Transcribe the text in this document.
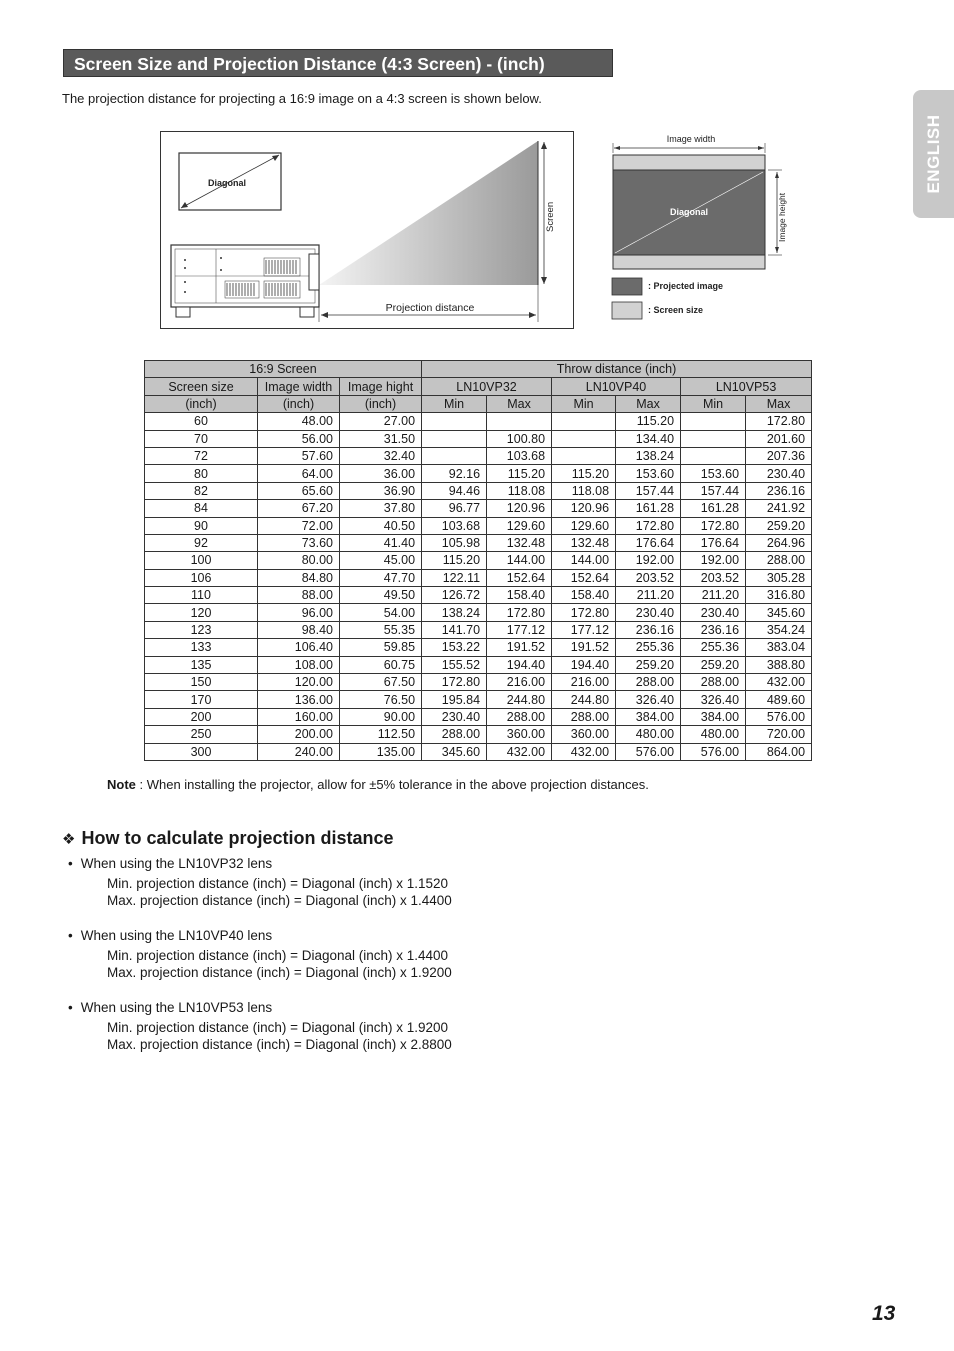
Screen Size and Projection Distance (4:3 Screen) - (inch)
The projection distance for projecting a 16:9 image on a 4:3 screen is shown below.
ENGLISH
Diagonal
Screen
Projection distance
Image width
Diagonal	Image height
: Projected image
: Screen size
16:9 Screen			Throw distance (inch)					
Screen size	Image width	Image hight	LN10VP32		LN10VP40		LN10VP53	
(inch)	(inch)	(inch)	Min	Max	Min	Max	Min	Max
60	48.00	27.00				115.20		172.80
70	56.00	31.50		100.80		134.40		201.60
72	57.60	32.40		103.68		138.24		207.36
80	64.00	36.00	92.16	115.20	115.20	153.60	153.60	230.40
82	65.60	36.90	94.46	118.08	118.08	157.44	157.44	236.16
84	67.20	37.80	96.77	120.96	120.96	161.28	161.28	241.92
90	72.00	40.50	103.68	129.60	129.60	172.80	172.80	259.20
92	73.60	41.40	105.98	132.48	132.48	176.64	176.64	264.96
100	80.00	45.00	115.20	144.00	144.00	192.00	192.00	288.00
106	84.80	47.70	122.11	152.64	152.64	203.52	203.52	305.28
110	88.00	49.50	126.72	158.40	158.40	211.20	211.20	316.80
120	96.00	54.00	138.24	172.80	172.80	230.40	230.40	345.60
123	98.40	55.35	141.70	177.12	177.12	236.16	236.16	354.24
133	106.40	59.85	153.22	191.52	191.52	255.36	255.36	383.04
135	108.00	60.75	155.52	194.40	194.40	259.20	259.20	388.80
150	120.00	67.50	172.80	216.00	216.00	288.00	288.00	432.00
170	136.00	76.50	195.84	244.80	244.80	326.40	326.40	489.60
200	160.00	90.00	230.40	288.00	288.00	384.00	384.00	576.00
250	200.00	112.50	288.00	360.00	360.00	480.00	480.00	720.00
300	240.00	135.00	345.60	432.00	432.00	576.00	576.00	864.00
Note : When installing the projector, allow for ±5% tolerance in the above projection distances.
❖ How to calculate projection distance
• When using the LN10VP32 lens
Min. projection distance (inch) = Diagonal (inch) x 1.1520
Max. projection distance (inch) = Diagonal (inch) x 1.4400
• When using the LN10VP40 lens
Min. projection distance (inch) = Diagonal (inch) x 1.4400
Max. projection distance (inch) = Diagonal (inch) x 1.9200
• When using the LN10VP53 lens
Min. projection distance (inch) = Diagonal (inch) x 1.9200
Max. projection distance (inch) = Diagonal (inch) x 2.8800
13
